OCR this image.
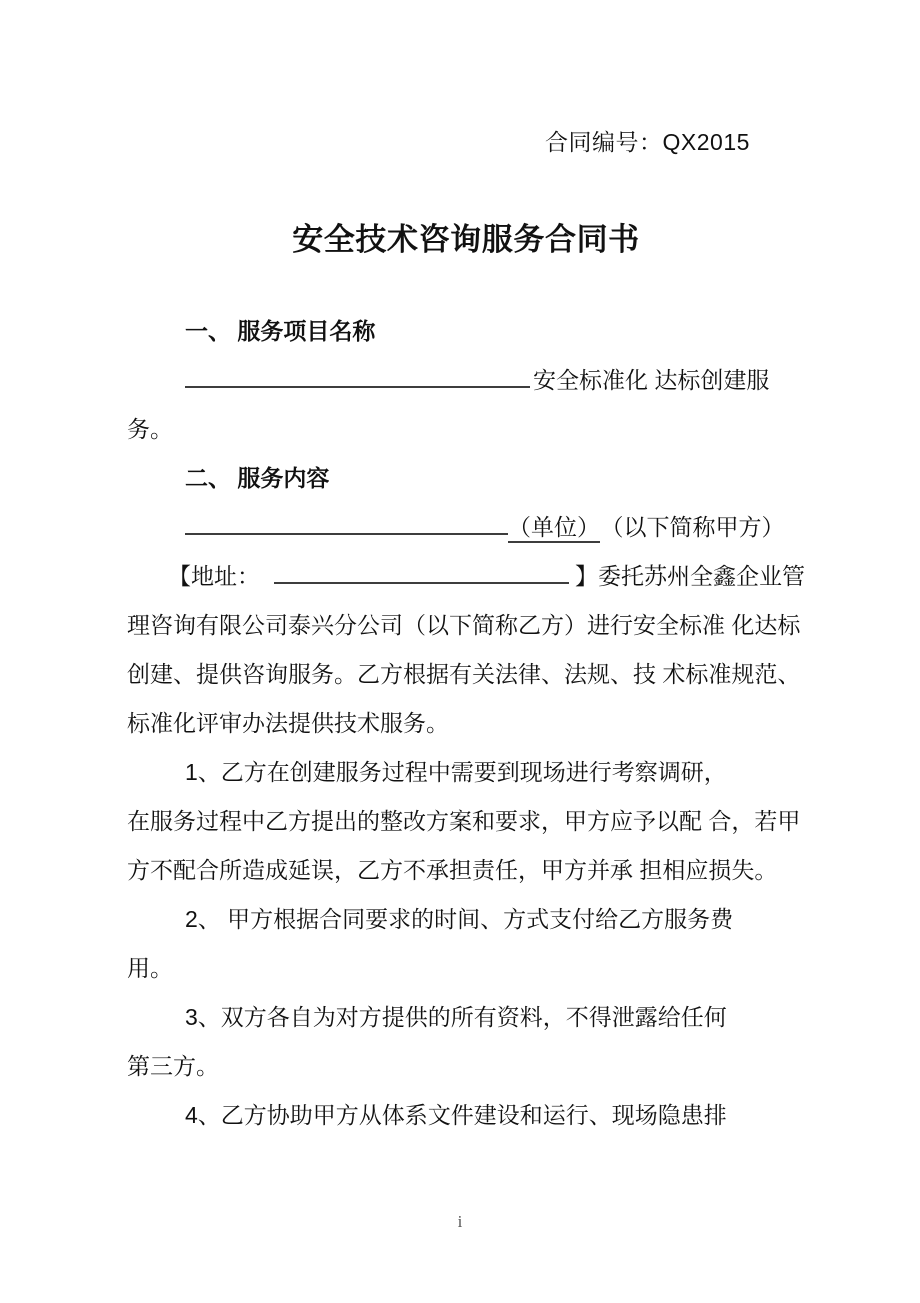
合同编号：QX2015
安全技术咨询服务合同书
一、 服务项目名称
安全标准化 达标创建服
务。
二、 服务内容
（单位） （以下简称甲方）
【地址：	】委托苏州全鑫企业管
理咨询有限公司泰兴分公司（以下简称乙方）进行安全标准 化达标
创建、提供咨询服务。乙方根据有关法律、法规、技 术标准规范、
标准化评审办法提供技术服务。
1、乙方在创建服务过程中需要到现场进行考察调研，
在服务过程中乙方提出的整改方案和要求，甲方应予以配 合，若甲
方不配合所造成延误，乙方不承担责任，甲方并承 担相应损失。
2、 甲方根据合同要求的时间、方式支付给乙方服务费
用。
3、双方各自为对方提供的所有资料，不得泄露给任何
第三方。
4、乙方协助甲方从体系文件建设和运行、现场隐患排
i
